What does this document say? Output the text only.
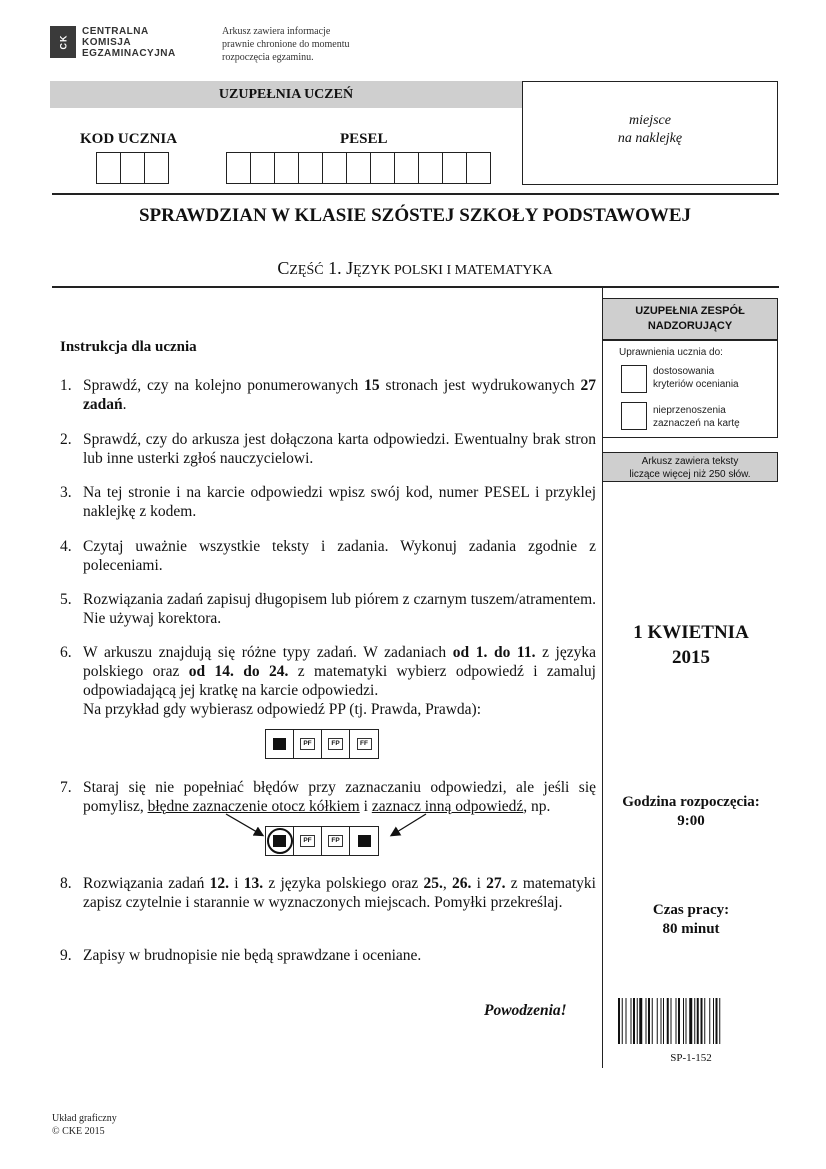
CK
CENTRALNA
KOMISJA
EGZAMINACYJNA
Arkusz zawiera informacje
prawnie chronione do momentu
rozpoczęcia egzaminu.
UZUPEŁNIA UCZEŃ
KOD UCZNIA	PESEL
miejsce
na naklejkę
SPRAWDZIAN W KLASIE SZÓSTEJ SZKOŁY PODSTAWOWEJ
CZĘŚĆ 1. JĘZYK POLSKI I MATEMATYKA
UZUPEŁNIA ZESPÓŁ
NADZORUJĄCY
Uprawnienia ucznia do:
dostosowania
kryteriów oceniania
nieprzenoszenia
zaznaczeń na kartę
Arkusz zawiera teksty
liczące więcej niż 250 słów.
1 KWIETNIA
2015
Godzina rozpoczęcia:
9:00
Czas pracy:
80 minut
SP-1-152
Instrukcja dla ucznia
1. Sprawdź, czy na kolejno ponumerowanych 15 stronach jest wydrukowanych 27 zadań.
2. Sprawdź, czy do arkusza jest dołączona karta odpowiedzi. Ewentualny brak stron lub inne usterki zgłoś nauczycielowi.
3. Na tej stronie i na karcie odpowiedzi wpisz swój kod, numer PESEL i przyklej naklejkę z kodem.
4. Czytaj uważnie wszystkie teksty i zadania. Wykonuj zadania zgodnie z poleceniami.
5. Rozwiązania zadań zapisuj długopisem lub piórem z czarnym tuszem/atramentem. Nie używaj korektora.
6. W arkuszu znajdują się różne typy zadań. W zadaniach od 1. do 11. z języka polskiego oraz od 14. do 24. z matematyki wybierz odpowiedź i zamaluj odpowiadającą jej kratkę na karcie odpowiedzi.
Na przykład gdy wybierasz odpowiedź PP (tj. Prawda, Prawda):
PF	FP	FF
7. Staraj się nie popełniać błędów przy zaznaczaniu odpowiedzi, ale jeśli się pomylisz, błędne zaznaczenie otocz kółkiem i zaznacz inną odpowiedź, np.
PF	FP
8. Rozwiązania zadań 12. i 13. z języka polskiego oraz 25., 26. i 27. z matematyki zapisz czytelnie i starannie w wyznaczonych miejscach. Pomyłki przekreślaj.
9. Zapisy w brudnopisie nie będą sprawdzane i oceniane.
Powodzenia!
Układ graficzny
© CKE 2015
